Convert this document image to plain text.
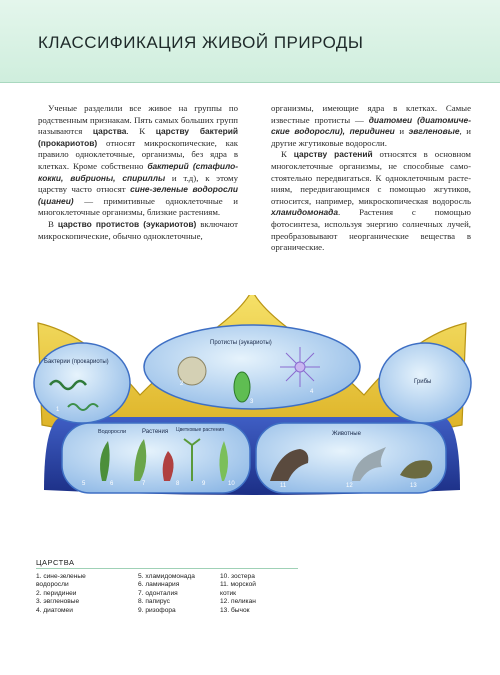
КЛАССИФИКАЦИЯ ЖИВОЙ ПРИРОДЫ

Ученые разделили все живое на группы по родственным признакам. Пять самых больших групп называются царства. К царству бактерий (прокариотов) относят микроскопические, как правило одноклеточные, организмы, без ядра в клетках. Кроме собственно бактерий (стафилококки, вибрионы, спириллы и т.д), к этому царству часто относят сине-зеленые водоросли (цианеи) — примитивные одноклеточные и многоклеточные организмы, близкие растениям.

В царство протистов (эукариотов) включают микроскопические, обычно одноклеточные,

организмы, имеющие ядра в клетках. Самые известные протисты — диатомеи (диатомические водоросли), перидинеи и эвгленовые, и другие жгутиковые водоросли.

К царству растений относятся в основном многоклеточные организмы, не способные самостоятельно передвигаться. К одноклеточным растениям, передвигающимся с помощью жгутиков, относится, например, микроскопическая водоросль хламидомонада. Растения с помощью фотосинтеза, используя энергию солнечных лучей, преобразовывают неорганические вещества в органические.

Бактерии (прокариоты)
Протисты (эукариоты)
Грибы
Водоросли	Растения Цветковые растения
Животные
1
2
3
4
5	6	7	8	9	10	11	12	13
ЦАРСТВА
1. сине-зеленые
водоросли
2. перидинеи
3. эвгленовые
4. диатомеи
5. хламидомонада
6. ламинария
7. одонталия
8. папирус
9. ризофора
10. зостера
11. морской
котик
12. пеликан
13. бычок
